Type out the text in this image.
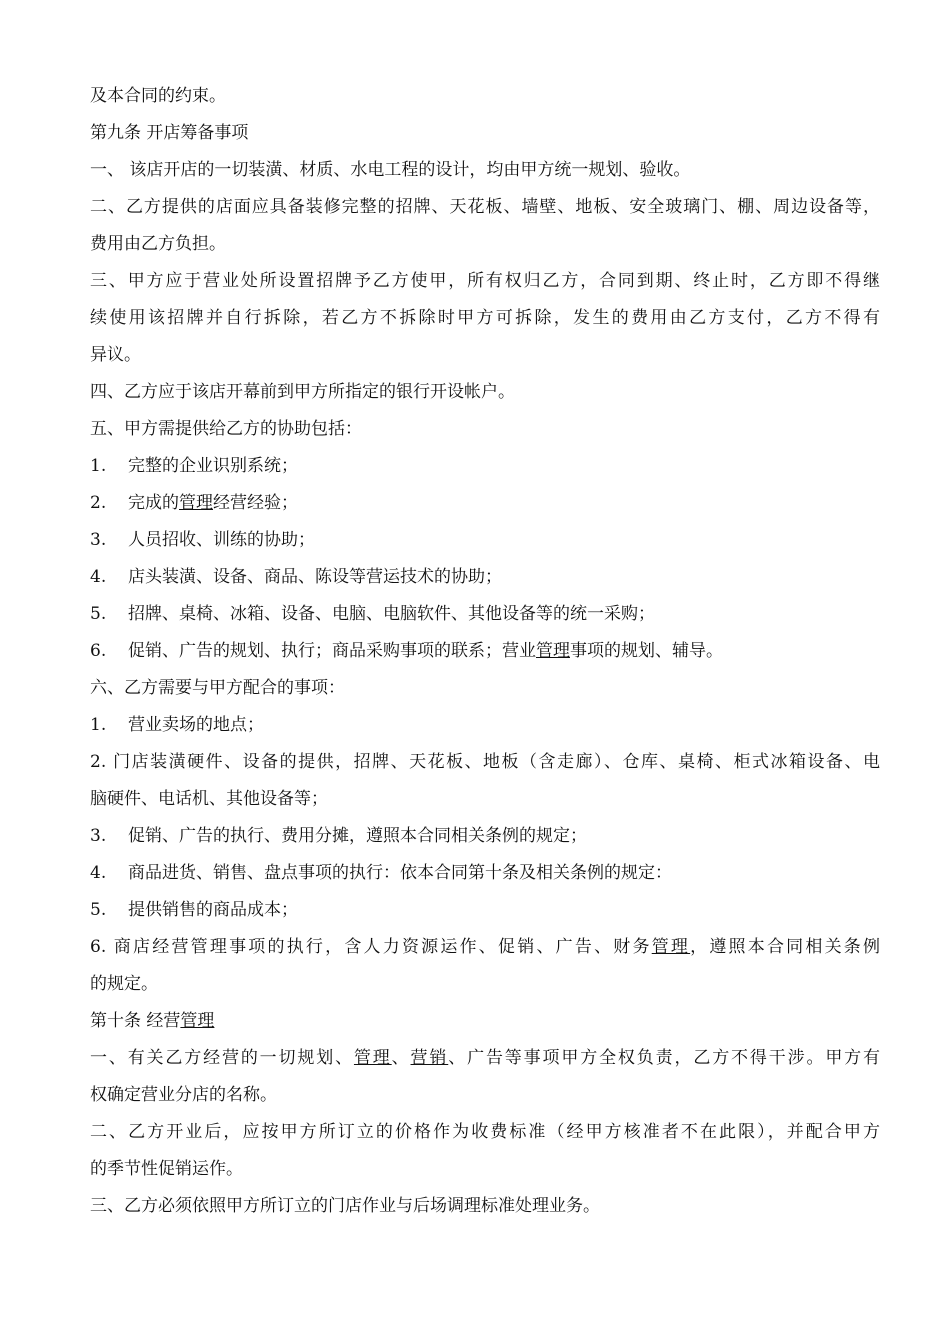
及本合同的约束。
第九条 开店筹备事项
一、 该店开店的一切装潢、材质、水电工程的设计，均由甲方统一规划、验收。
二、乙方提供的店面应具备装修完整的招牌、天花板、墙壁、地板、安全玻璃门、棚、周边设备等，
费用由乙方负担。
三、甲方应于营业处所设置招牌予乙方使甲，所有权归乙方，合同到期、终止时，乙方即不得继
续使用该招牌并自行拆除，若乙方不拆除时甲方可拆除，发生的费用由乙方支付，乙方不得有
异议。
四、乙方应于该店开幕前到甲方所指定的银行开设帐户。
五、甲方需提供给乙方的协助包括：
1. 完整的企业识别系统；
2. 完成的管理经营经验；
3. 人员招收、训练的协助；
4. 店头装潢、设备、商品、陈设等营运技术的协助；
5. 招牌、桌椅、冰箱、设备、电脑、电脑软件、其他设备等的统一采购；
6. 促销、广告的规划、执行；商品采购事项的联系；营业管理事项的规划、辅导。
六、乙方需要与甲方配合的事项：
1. 营业卖场的地点；
2. 门店装潢硬件、设备的提供，招牌、天花板、地板（含走廊）、仓库、桌椅、柜式冰箱设备、电
脑硬件、电话机、其他设备等；
3. 促销、广告的执行、费用分摊，遵照本合同相关条例的规定；
4. 商品进货、销售、盘点事项的执行：依本合同第十条及相关条例的规定：
5. 提供销售的商品成本；
6. 商店经营管理事项的执行，含人力资源运作、促销、广告、财务管理，遵照本合同相关条例
的规定。
第十条 经营管理
一、有关乙方经营的一切规划、管理、营销、广告等事项甲方全权负责，乙方不得干涉。甲方有
权确定营业分店的名称。
二、乙方开业后，应按甲方所订立的价格作为收费标准（经甲方核准者不在此限），并配合甲方
的季节性促销运作。
三、乙方必须依照甲方所订立的门店作业与后场调理标准处理业务。
